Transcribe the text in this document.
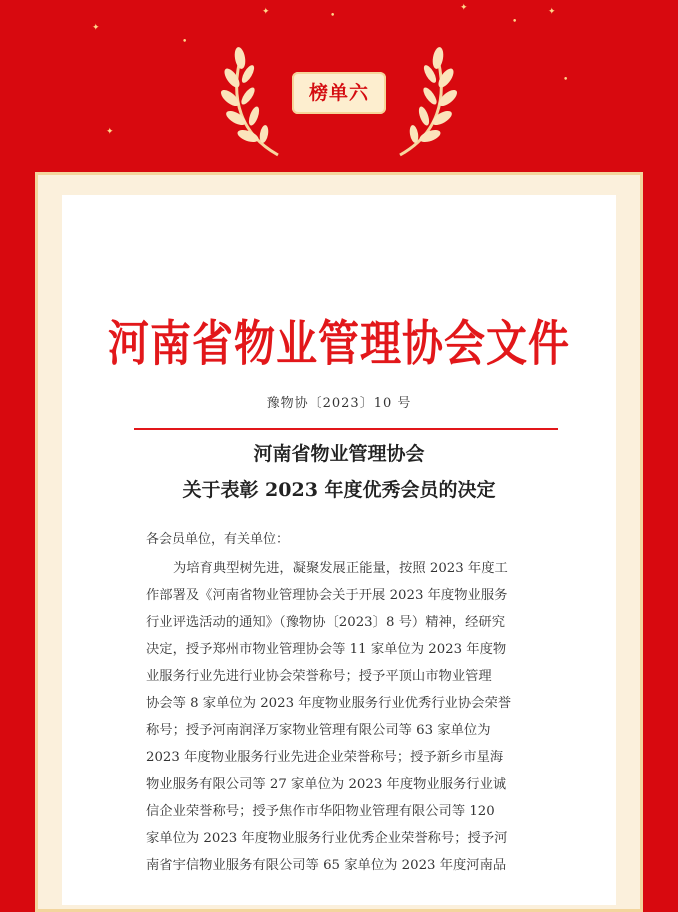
✦
•
✦	•
✦
•
✦
✦
•
榜单六
河南省物业管理协会文件
豫物协〔2023〕10 号
河南省物业管理协会
关于表彰 2023 年度优秀会员的决定
各会员单位，有关单位：
为培育典型树先进，凝聚发展正能量，按照 2023 年度工
作部署及《河南省物业管理协会关于开展 2023 年度物业服务
行业评选活动的通知》（豫物协〔2023〕8 号）精神，经研究
决定，授予郑州市物业管理协会等 11 家单位为 2023 年度物
业服务行业先进行业协会荣誉称号；授予平顶山市物业管理
协会等 8 家单位为 2023 年度物业服务行业优秀行业协会荣誉
称号；授予河南润泽万家物业管理有限公司等 63 家单位为
2023 年度物业服务行业先进企业荣誉称号；授予新乡市星海
物业服务有限公司等 27 家单位为 2023 年度物业服务行业诚
信企业荣誉称号；授予焦作市华阳物业管理有限公司等 120
家单位为 2023 年度物业服务行业优秀企业荣誉称号；授予河
南省宇信物业服务有限公司等 65 家单位为 2023 年度河南品
